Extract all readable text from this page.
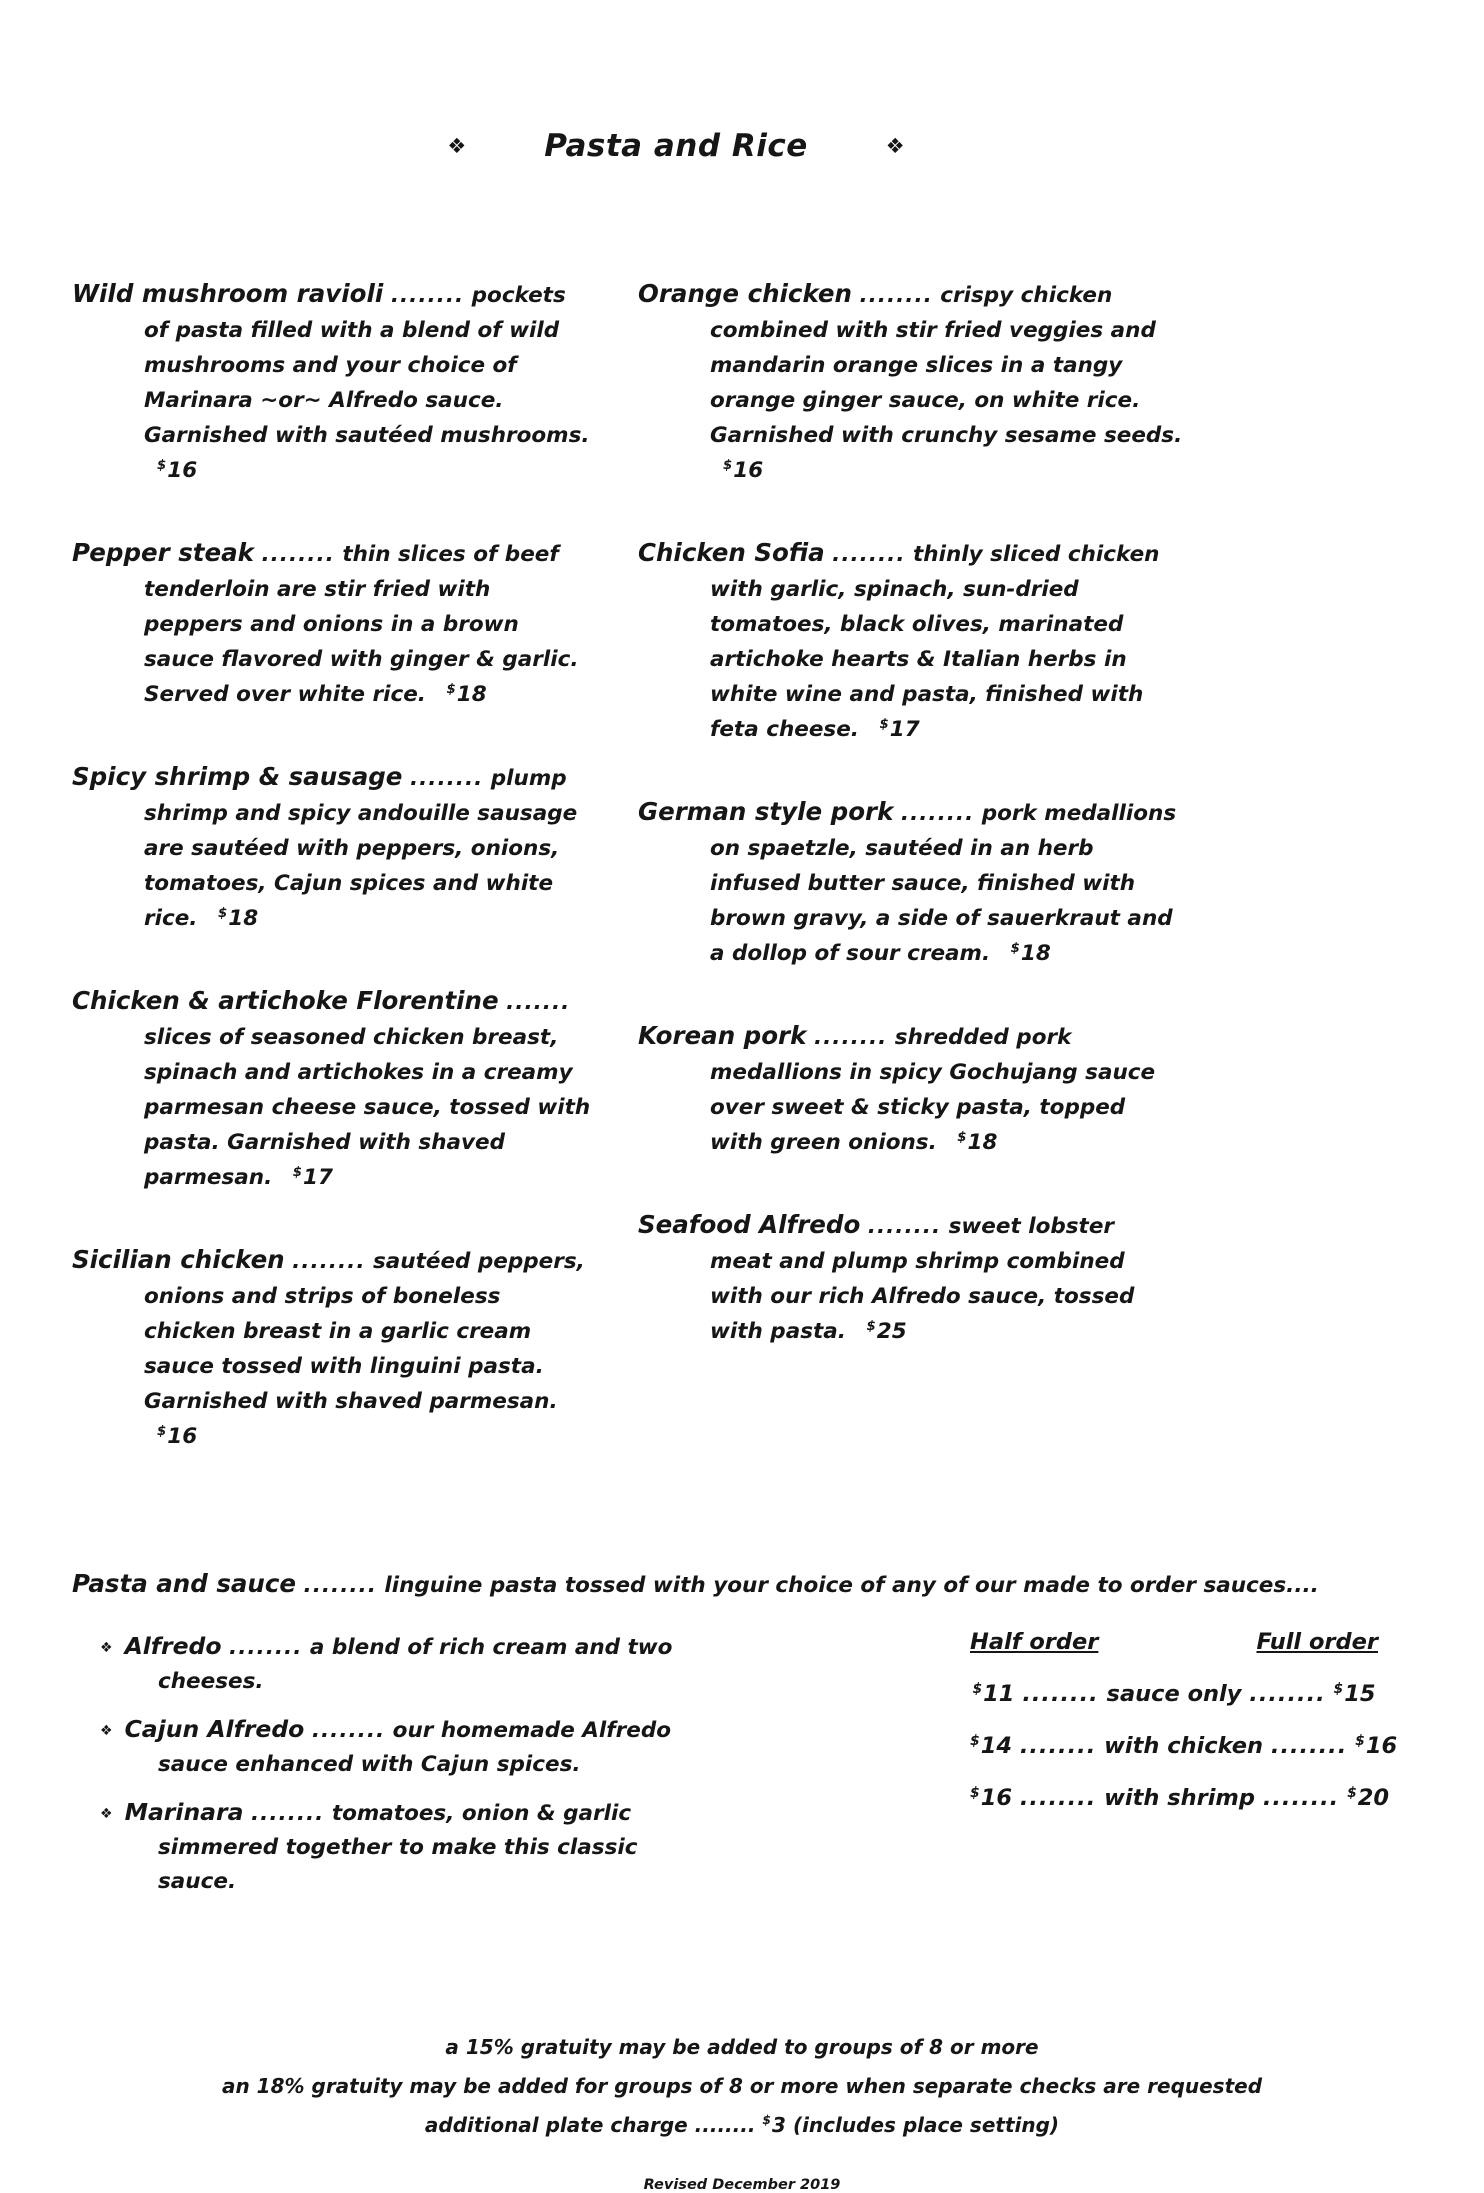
❖	Pasta and Rice	❖
Wild mushroom ravioli ........ pockets of pasta filled with a blend of wild mushrooms and your choice of Marinara ~or~ Alfredo sauce. Garnished with sautéed mushrooms. $16
Pepper steak ........ thin slices of beef tenderloin are stir fried with peppers and onions in a brown sauce flavored with ginger & garlic. Served over white rice. $18
Spicy shrimp & sausage ........ plump shrimp and spicy andouille sausage are sautéed with peppers, onions, tomatoes, Cajun spices and white rice. $18
Chicken & artichoke Florentine ....... slices of seasoned chicken breast, spinach and artichokes in a creamy parmesan cheese sauce, tossed with pasta. Garnished with shaved parmesan. $17
Sicilian chicken ........ sautéed peppers, onions and strips of boneless chicken breast in a garlic cream sauce tossed with linguini pasta. Garnished with shaved parmesan. $16
Orange chicken ........ crispy chicken combined with stir fried veggies and mandarin orange slices in a tangy orange ginger sauce, on white rice. Garnished with crunchy sesame seeds. $16
Chicken Sofia ........ thinly sliced chicken with garlic, spinach, sun-dried tomatoes, black olives, marinated artichoke hearts & Italian herbs in white wine and pasta, finished with feta cheese. $17
German style pork ........ pork medallions on spaetzle, sautéed in an herb infused butter sauce, finished with brown gravy, a side of sauerkraut and a dollop of sour cream. $18
Korean pork ........ shredded pork medallions in spicy Gochujang sauce over sweet & sticky pasta, topped with green onions. $18
Seafood Alfredo ........ sweet lobster meat and plump shrimp combined with our rich Alfredo sauce, tossed with pasta. $25
Pasta and sauce ........ linguine pasta tossed with your choice of any of our made to order sauces....
❖ Alfredo ........ a blend of rich cream and two cheeses.
❖ Cajun Alfredo ........ our homemade Alfredo sauce enhanced with Cajun spices.
❖ Marinara ........ tomatoes, onion & garlic simmered together to make this classic sauce.
Half order	Full order
$11 ........ sauce only ........ $15
$14 ........ with chicken ........ $16
$16 ........ with shrimp ........ $20
a 15% gratuity may be added to groups of 8 or more
an 18% gratuity may be added for groups of 8 or more when separate checks are requested
additional plate charge ........ $3 (includes place setting)
Revised December 2019
